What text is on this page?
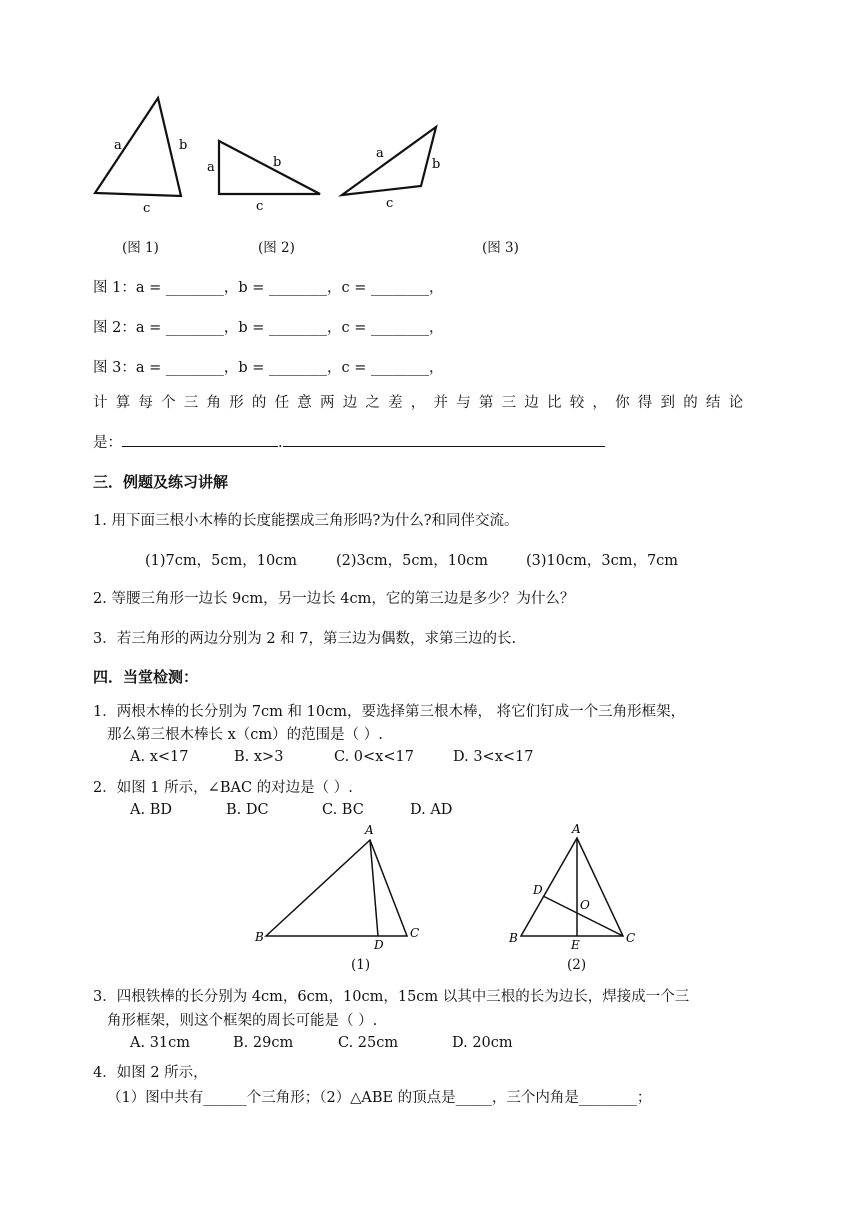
a	b
c
a	b
c
a
b
c
(图 1)	(图 2)	(图 3)
图 1：a = ________，b = ________，c = ________，
图 2：a = ________，b = ________，c = ________，
图 3：a = ________，b = ________，c = ________，
计算每个三角形的任意两边之差，并与第三边比较，你得到的结论
是：	.
三．例题及练习讲解
1. 用下面三根小木棒的长度能摆成三角形吗?为什么?和同伴交流。
(1)7cm，5cm，10cm	(2)3cm，5cm，10cm	(3)10cm，3cm，7cm
2. 等腰三角形一边长 9cm，另一边长 4cm，它的第三边是多少？为什么？
3．若三角形的两边分别为 2 和 7，第三边为偶数，求第三边的长.
四．当堂检测：
1．两根木棒的长分别为 7cm 和 10cm，要选择第三根木棒， 将它们钉成一个三角形框架，
那么第三根木棒长 x（cm）的范围是（ ）.
A. x<17	B. x>3	C. 0<x<17	D. 3<x<17
2．如图 1 所示，∠BAC 的对边是（ ）.
A. BD	B. DC	C. BC	D. AD
A
B	C
D
(1)
A
B	C
D
E
O
(2)
3．四根铁棒的长分别为 4cm，6cm，10cm，15cm 以其中三根的长为边长，焊接成一个三
角形框架，则这个框架的周长可能是（ ）.
A. 31cm	B. 29cm	C. 25cm	D. 20cm
4．如图 2 所示，
（1）图中共有______个三角形；（2）△ABE 的顶点是_____，三个内角是________；
